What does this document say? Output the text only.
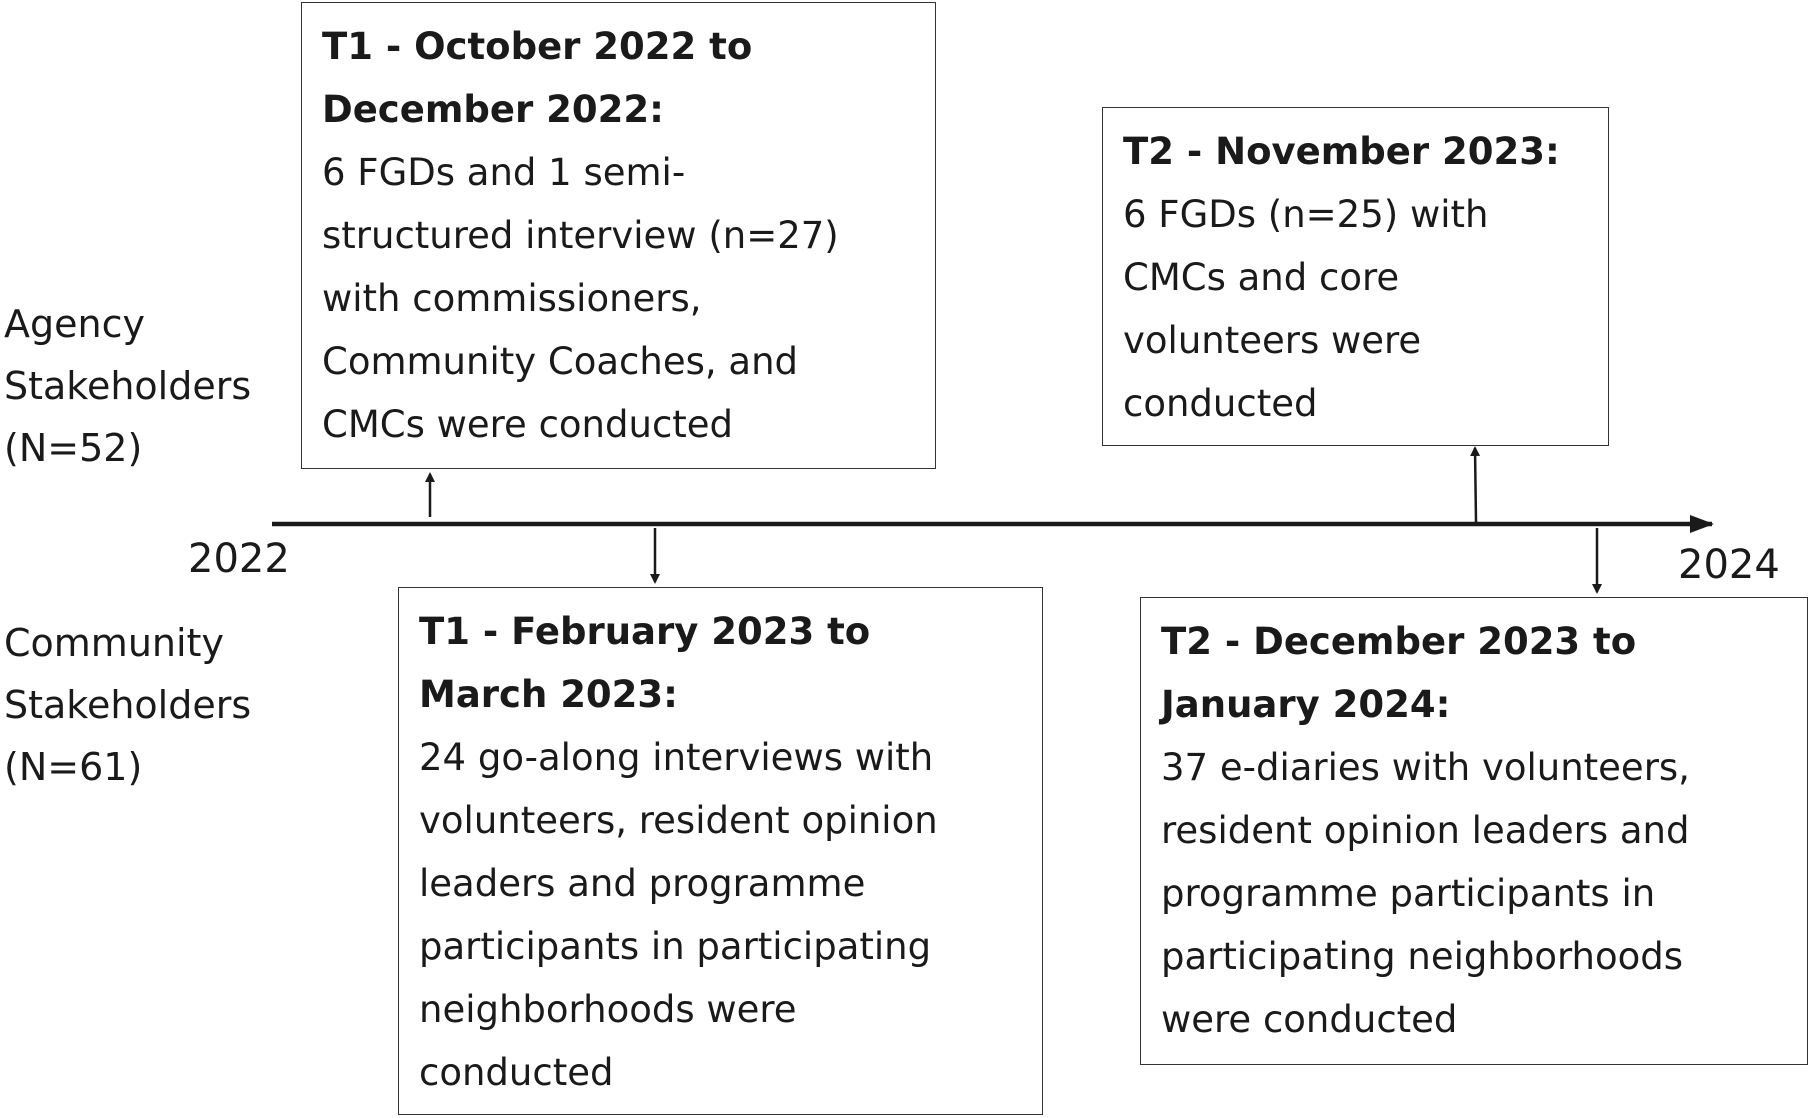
2022	2024
Agency
Stakeholders
(N=52)
Community
Stakeholders
(N=61)
T1 - October 2022 to
December 2022:
6 FGDs and 1 semi-
structured interview (n=27)
with commissioners,
Community Coaches, and
CMCs were conducted
T2 - November 2023:
6 FGDs (n=25) with
CMCs and core
volunteers were
conducted
T1 - February 2023 to
March 2023:
24 go-along interviews with
volunteers, resident opinion
leaders and programme
participants in participating
neighborhoods were
conducted
T2 - December 2023 to
January 2024:
37 e-diaries with volunteers,
resident opinion leaders and
programme participants in
participating neighborhoods
were conducted
